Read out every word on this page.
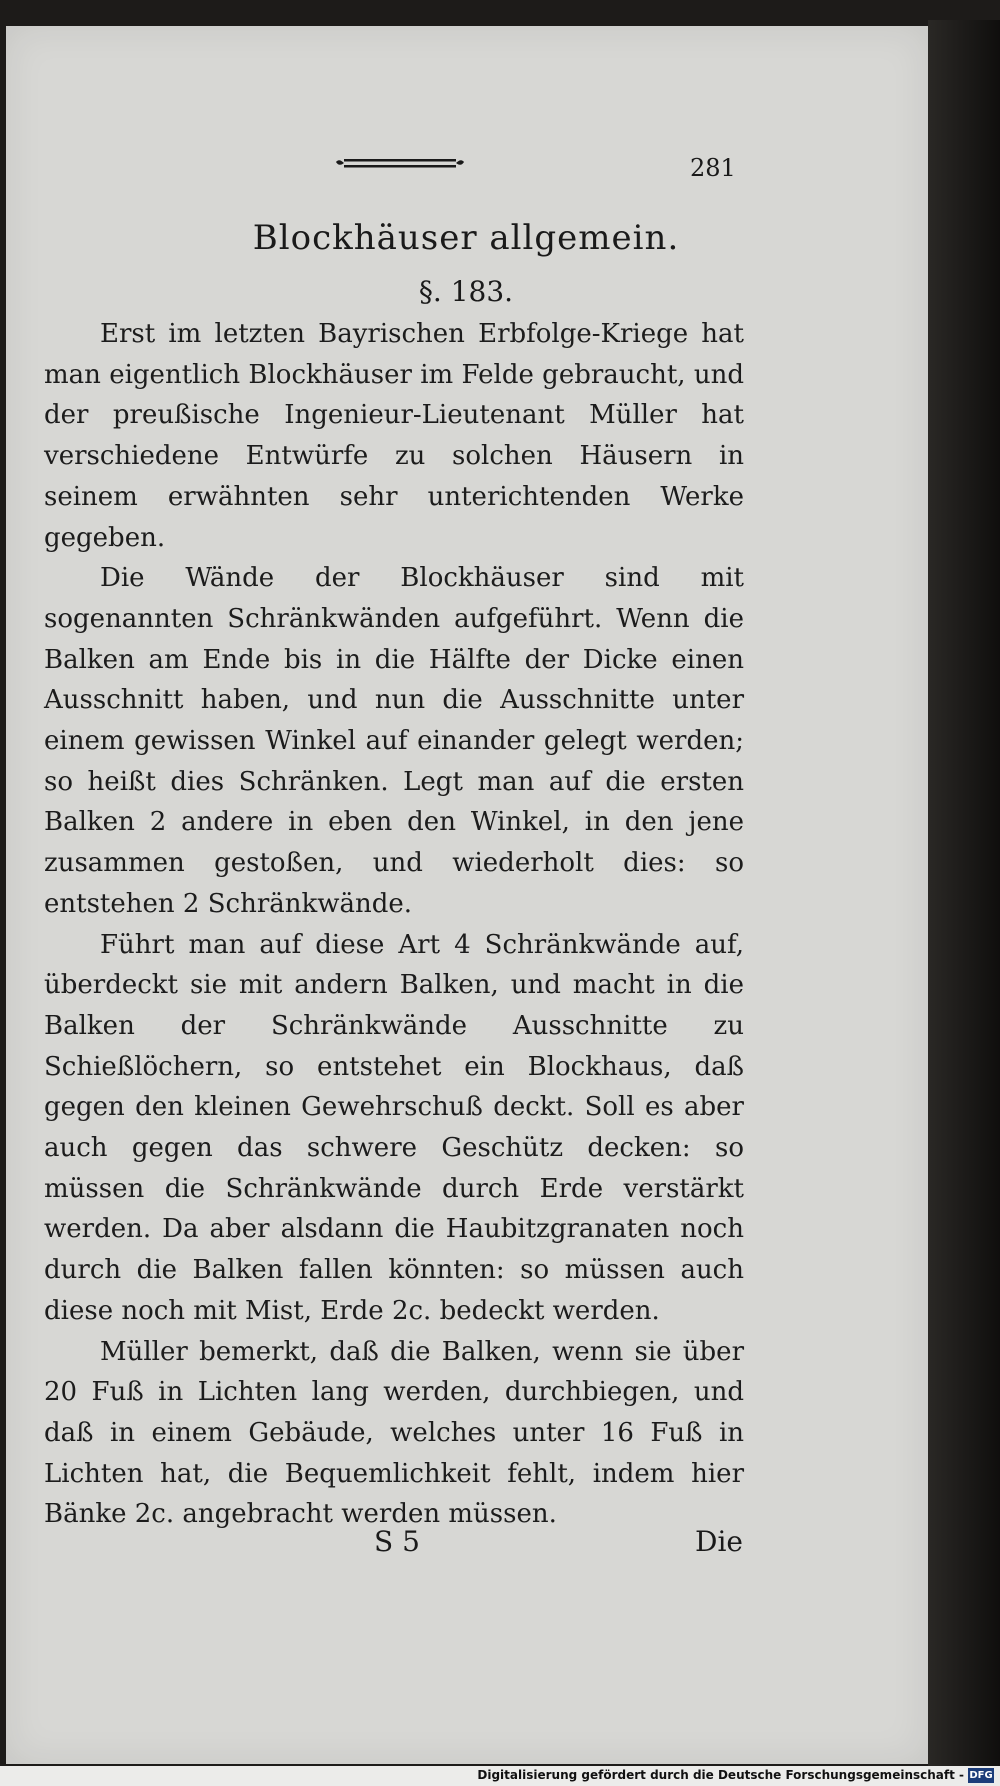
281
Blockhäuser allgemein.
§. 183.

Erst im letzten Bayrischen Erbfolge-Kriege hat man eigentlich Blockhäuser im Felde gebraucht, und der preußische Ingenieur-Lieutenant Müller hat verschiedene Entwürfe zu solchen Häusern in seinem erwähnten sehr unterichtenden Werke gegeben.

Die Wände der Blockhäuser sind mit sogenannten Schränkwänden aufgeführt. Wenn die Balken am Ende bis in die Hälfte der Dicke einen Ausschnitt haben, und nun die Ausschnitte unter einem gewissen Winkel auf einander gelegt werden; so heißt dies Schränken. Legt man auf die ersten Balken 2 andere in eben den Winkel, in den jene zusammen gestoßen, und wiederholt dies: so entstehen 2 Schränkwände.

Führt man auf diese Art 4 Schränkwände auf, überdeckt sie mit andern Balken, und macht in die Balken der Schränkwände Ausschnitte zu Schießlöchern, so entstehet ein Blockhaus, daß gegen den kleinen Gewehrschuß deckt. Soll es aber auch gegen das schwere Geschütz decken: so müssen die Schränkwände durch Erde verstärkt werden. Da aber alsdann die Haubitzgranaten noch durch die Balken fallen könnten: so müssen auch diese noch mit Mist, Erde 2c. bedeckt werden.

Müller bemerkt, daß die Balken, wenn sie über 20 Fuß in Lichten lang werden, durchbiegen, und daß in einem Gebäude, welches unter 16 Fuß in Lichten hat, die Bequemlichkeit fehlt, indem hier Bänke 2c. angebracht werden müssen.

S 5	Die
Digitalisierung gefördert durch die Deutsche Forschungsgemeinschaft - DFG
